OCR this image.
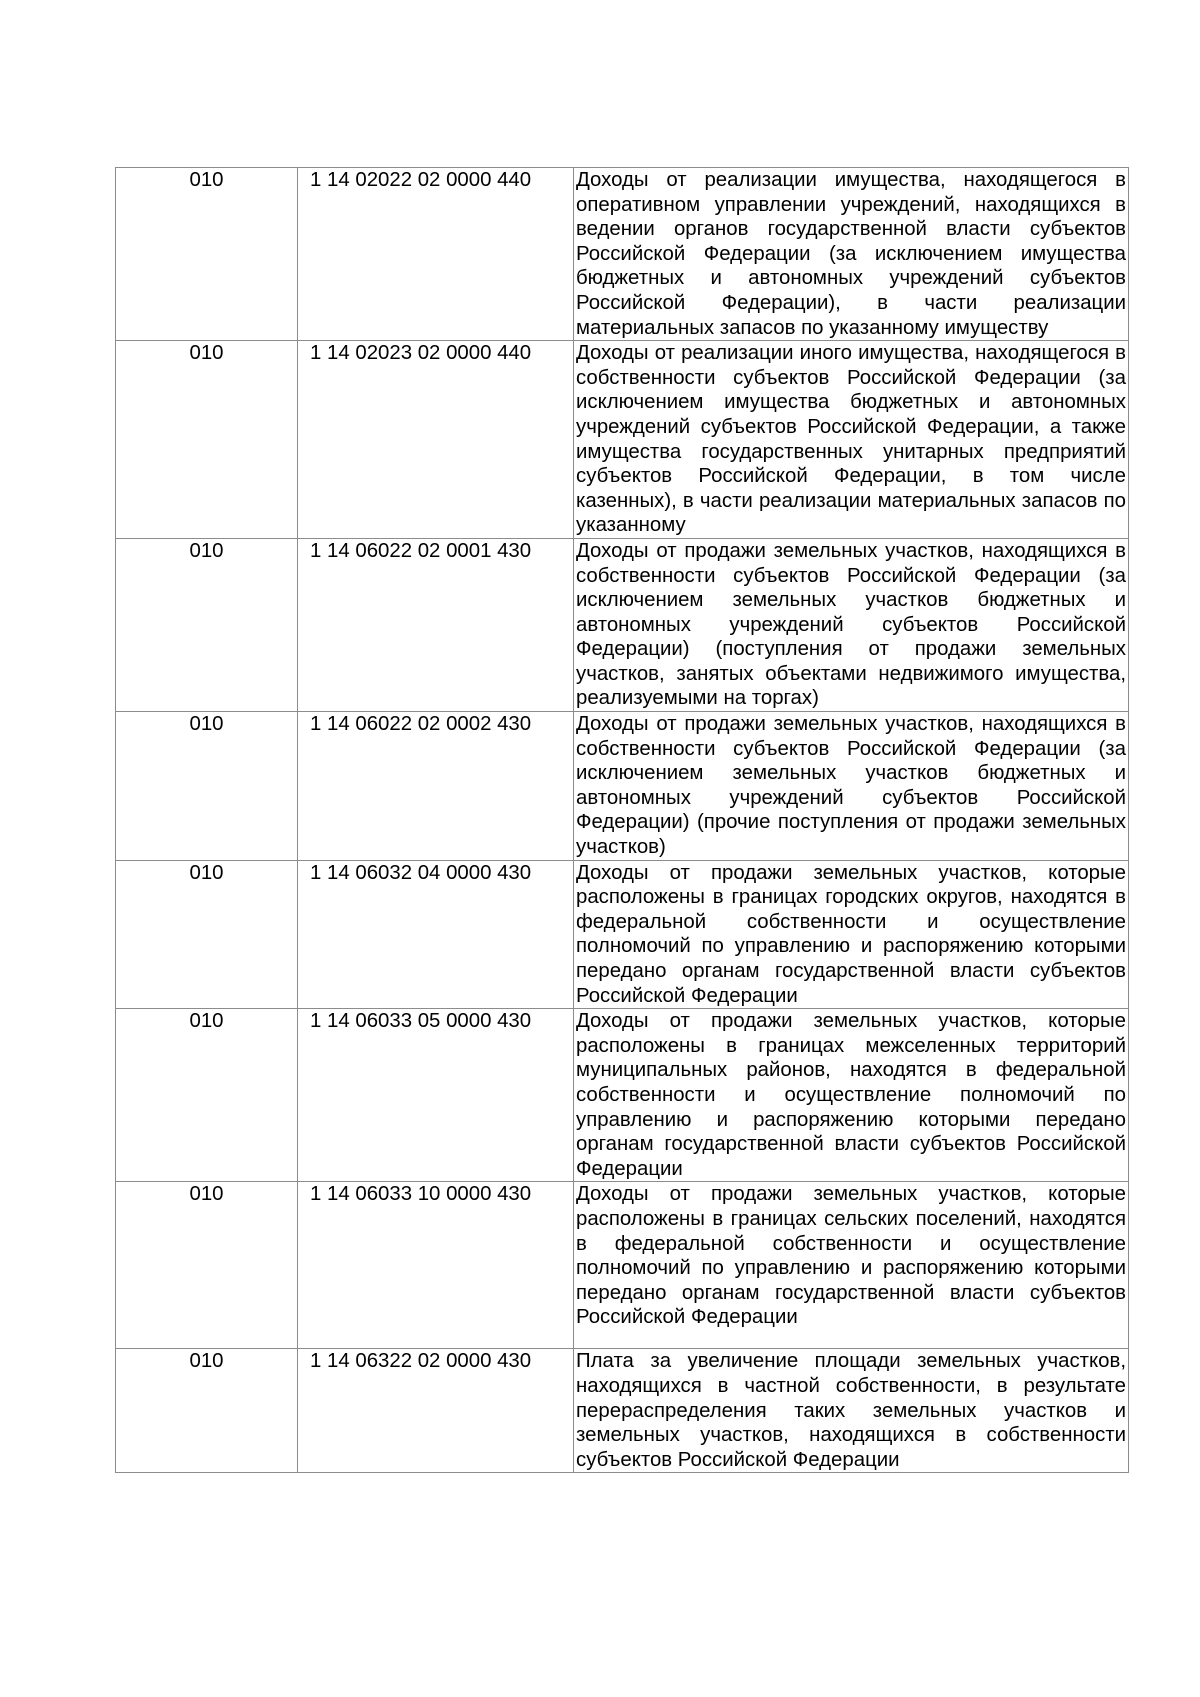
010	1 14 02022 02 0000 440	Доходы от реализации имущества, находящегося в оперативном управлении учреждений, находящихся в ведении органов государственной власти субъектов Российской Федерации (за исключением имущества бюджетных и автономных учреждений субъектов Российской Федерации), в части реализации материальных запасов по указанному имуществу

010	1 14 02023 02 0000 440	Доходы от реализации иного имущества, находящегося в собственности субъектов Российской Федерации (за исключением имущества бюджетных и автономных учреждений субъектов Российской Федерации, а также имущества государственных унитарных предприятий субъектов Российской Федерации, в том числе казенных), в части реализации материальных запасов по указанному

010	1 14 06022 02 0001 430	Доходы от продажи земельных участков, находящихся в собственности субъектов Российской Федерации (за исключением земельных участков бюджетных и автономных учреждений субъектов Российской Федерации) (поступления от продажи земельных участков, занятых объектами недвижимого имущества, реализуемыми на торгах)

010	1 14 06022 02 0002 430	Доходы от продажи земельных участков, находящихся в собственности субъектов Российской Федерации (за исключением земельных участков бюджетных и автономных учреждений субъектов Российской Федерации) (прочие поступления от продажи земельных участков)

010	1 14 06032 04 0000 430	Доходы от продажи земельных участков, которые расположены в границах городских округов, находятся в федеральной собственности и осуществление полномочий по управлению и распоряжению которыми передано органам государственной власти субъектов Российской Федерации

010	1 14 06033 05 0000 430	Доходы от продажи земельных участков, которые расположены в границах межселенных территорий муниципальных районов, находятся в федеральной собственности и осуществление полномочий по управлению и распоряжению которыми передано органам государственной власти субъектов Российской Федерации

010	1 14 06033 10 0000 430	Доходы от продажи земельных участков, которые расположены в границах сельских поселений, находятся в федеральной собственности и осуществление полномочий по управлению и распоряжению которыми передано органам государственной власти субъектов Российской Федерации

010	1 14 06322 02 0000 430	Плата за увеличение площади земельных участков, находящихся в частной собственности, в результате перераспределения таких земельных участков и земельных участков, находящихся в собственности субъектов Российской Федерации
